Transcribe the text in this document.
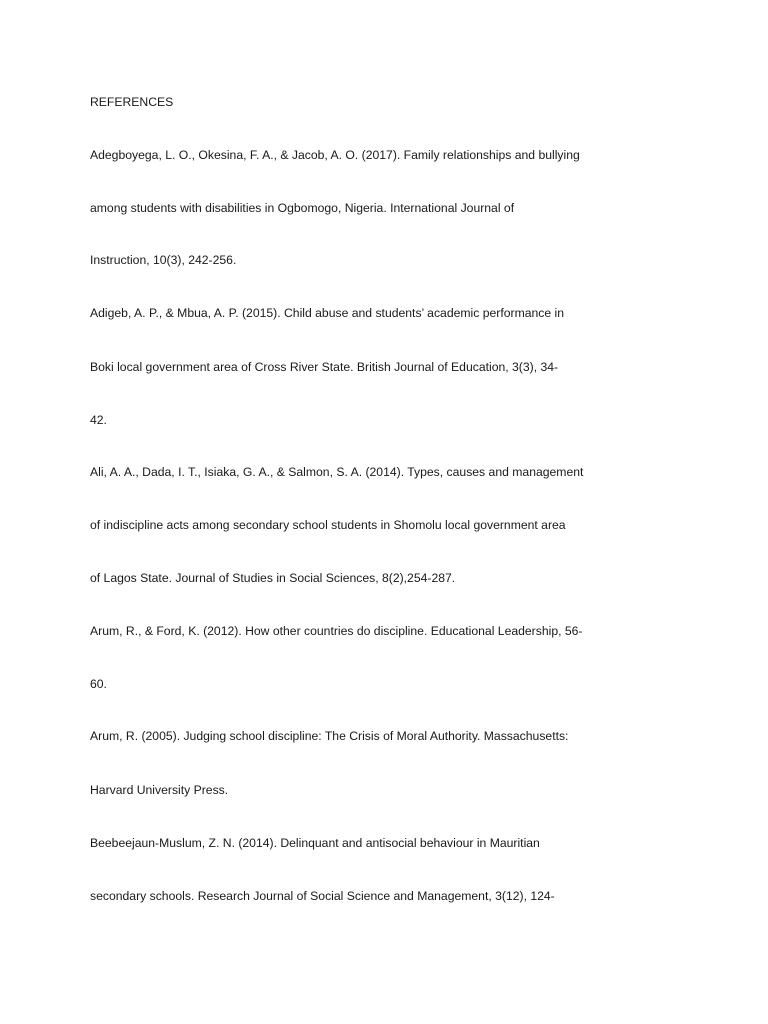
REFERENCES
Adegboyega, L. O., Okesina, F. A., & Jacob, A. O. (2017). Family relationships and bullying
among students with disabilities in Ogbomogo, Nigeria. International Journal of
Instruction, 10(3), 242-256.
Adigeb, A. P., & Mbua, A. P. (2015). Child abuse and students’ academic performance in
Boki local government area of Cross River State. British Journal of Education, 3(3), 34-
42.
Ali, A. A., Dada, I. T., Isiaka, G. A., & Salmon, S. A. (2014). Types, causes and management
of indiscipline acts among secondary school students in Shomolu local government area
of Lagos State. Journal of Studies in Social Sciences, 8(2),254-287.
Arum, R., & Ford, K. (2012). How other countries do discipline. Educational Leadership, 56-
60.
Arum, R. (2005). Judging school discipline: The Crisis of Moral Authority. Massachusetts:
Harvard University Press.
Beebeejaun-Muslum, Z. N. (2014). Delinquant and antisocial behaviour in Mauritian
secondary schools. Research Journal of Social Science and Management, 3(12), 124-
